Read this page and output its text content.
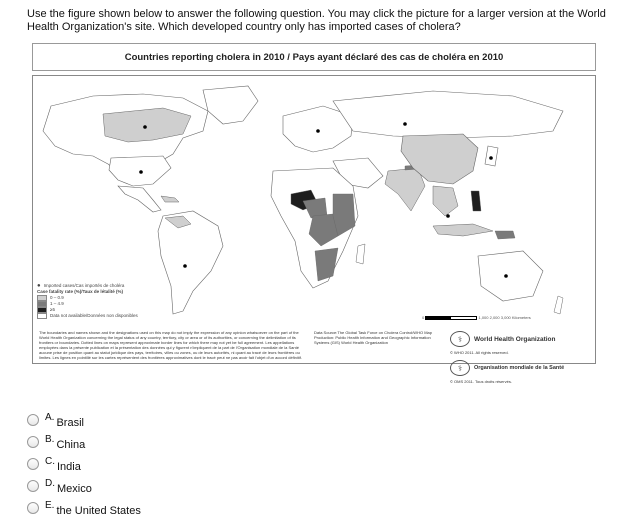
Use the figure shown below to answer the following question. You may click the picture for a larger version at the World Health Organization's site. Which developed country only has imported cases of cholera?
Countries reporting cholera in 2010 / Pays ayant déclaré des cas de choléra en 2010
● Imported cases/Cas importés de choléra
Case fatality rate (%)/Taux de létalité (%)
0 – 0.9
1 – 4.9
≥5
Data not available/Données non disponibles	0	1,000 2,000 3,000 Kilometers
The boundaries and names shown and the designations used on this map do not imply the expression of any opinion whatsoever on the part of the World Health Organization concerning the legal status of any country, territory, city or area or of its authorities, or concerning the delimitation of its frontiers or boundaries. Dotted lines on maps represent approximate border lines for which there may not yet be full agreement. Les appellations employées dans la présente publication et la présentation des données qui y figurent n'impliquent de la part de l'Organisation mondiale de la Santé aucune prise de position quant au statut juridique des pays, territoires, villes ou zones, ou de leurs autorités, ni quant au tracé de leurs frontières ou limites. Les lignes en pointillé sur les cartes représentent des frontières approximatives dont le tracé peut ne pas avoir fait l'objet d'un accord définitif.
Data Source:The Global Task Force on Cholera Control/WHO Map Production: Public Health Information and Geographic Information Systems (GIS) World Health Organization	⚕	World Health Organization
© WHO 2011. All rights reserved.
⚕	Organisation mondiale de la Santé
© OMS 2011. Tous droits réservés.
A. Brasil
B. China
C. India
D. Mexico
E. the United States
